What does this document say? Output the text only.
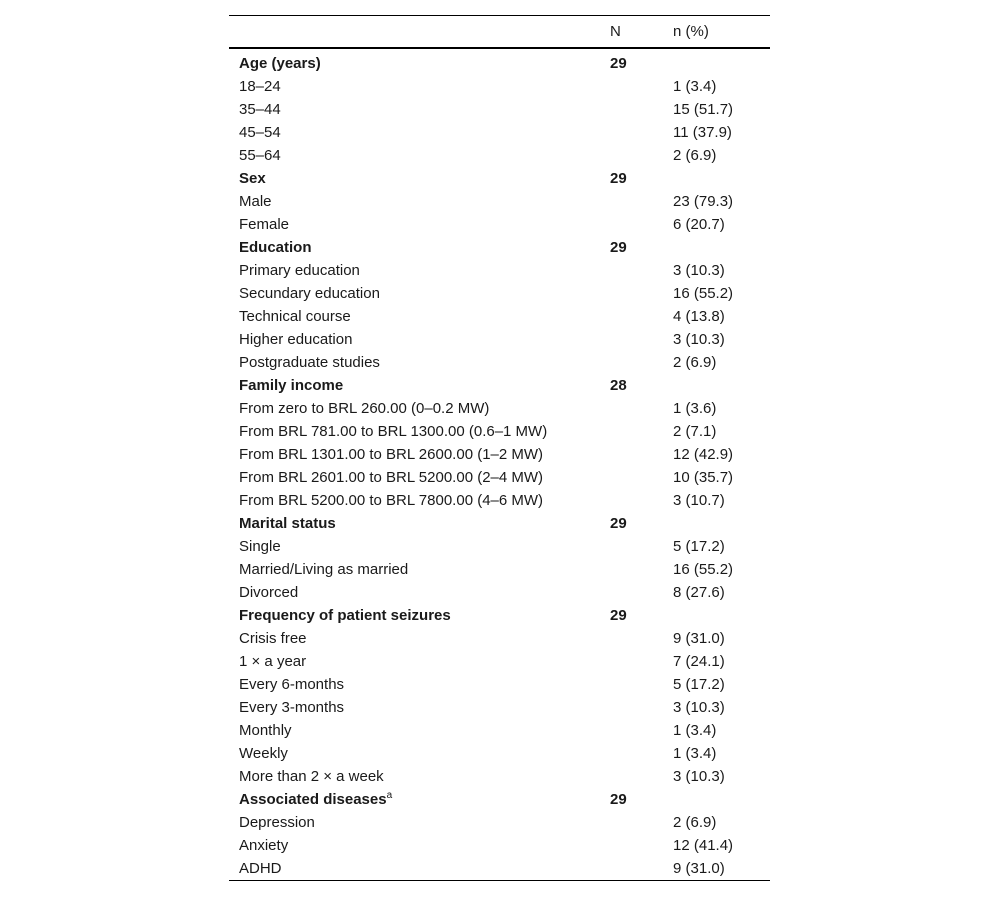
	N	n (%)
Age (years)	29	
18–24		1 (3.4)
35–44		15 (51.7)
45–54		11 (37.9)
55–64		2 (6.9)
Sex	29	
Male		23 (79.3)
Female		6 (20.7)
Education	29	
Primary education		3 (10.3)
Secundary education		16 (55.2)
Technical course		4 (13.8)
Higher education		3 (10.3)
Postgraduate studies		2 (6.9)
Family income	28	
From zero to BRL 260.00 (0–0.2 MW)		1 (3.6)
From BRL 781.00 to BRL 1300.00 (0.6–1 MW)		2 (7.1)
From BRL 1301.00 to BRL 2600.00 (1–2 MW)		12 (42.9)
From BRL 2601.00 to BRL 5200.00 (2–4 MW)		10 (35.7)
From BRL 5200.00 to BRL 7800.00 (4–6 MW)		3 (10.7)
Marital status	29	
Single		5 (17.2)
Married/Living as married		16 (55.2)
Divorced		8 (27.6)
Frequency of patient seizures	29	
Crisis free		9 (31.0)
1 × a year		7 (24.1)
Every 6-months		5 (17.2)
Every 3-months		3 (10.3)
Monthly		1 (3.4)
Weekly		1 (3.4)
More than 2 × a week		3 (10.3)
Associated diseases$^a$	29	
Depression		2 (6.9)
Anxiety		12 (41.4)
ADHD		9 (31.0)
